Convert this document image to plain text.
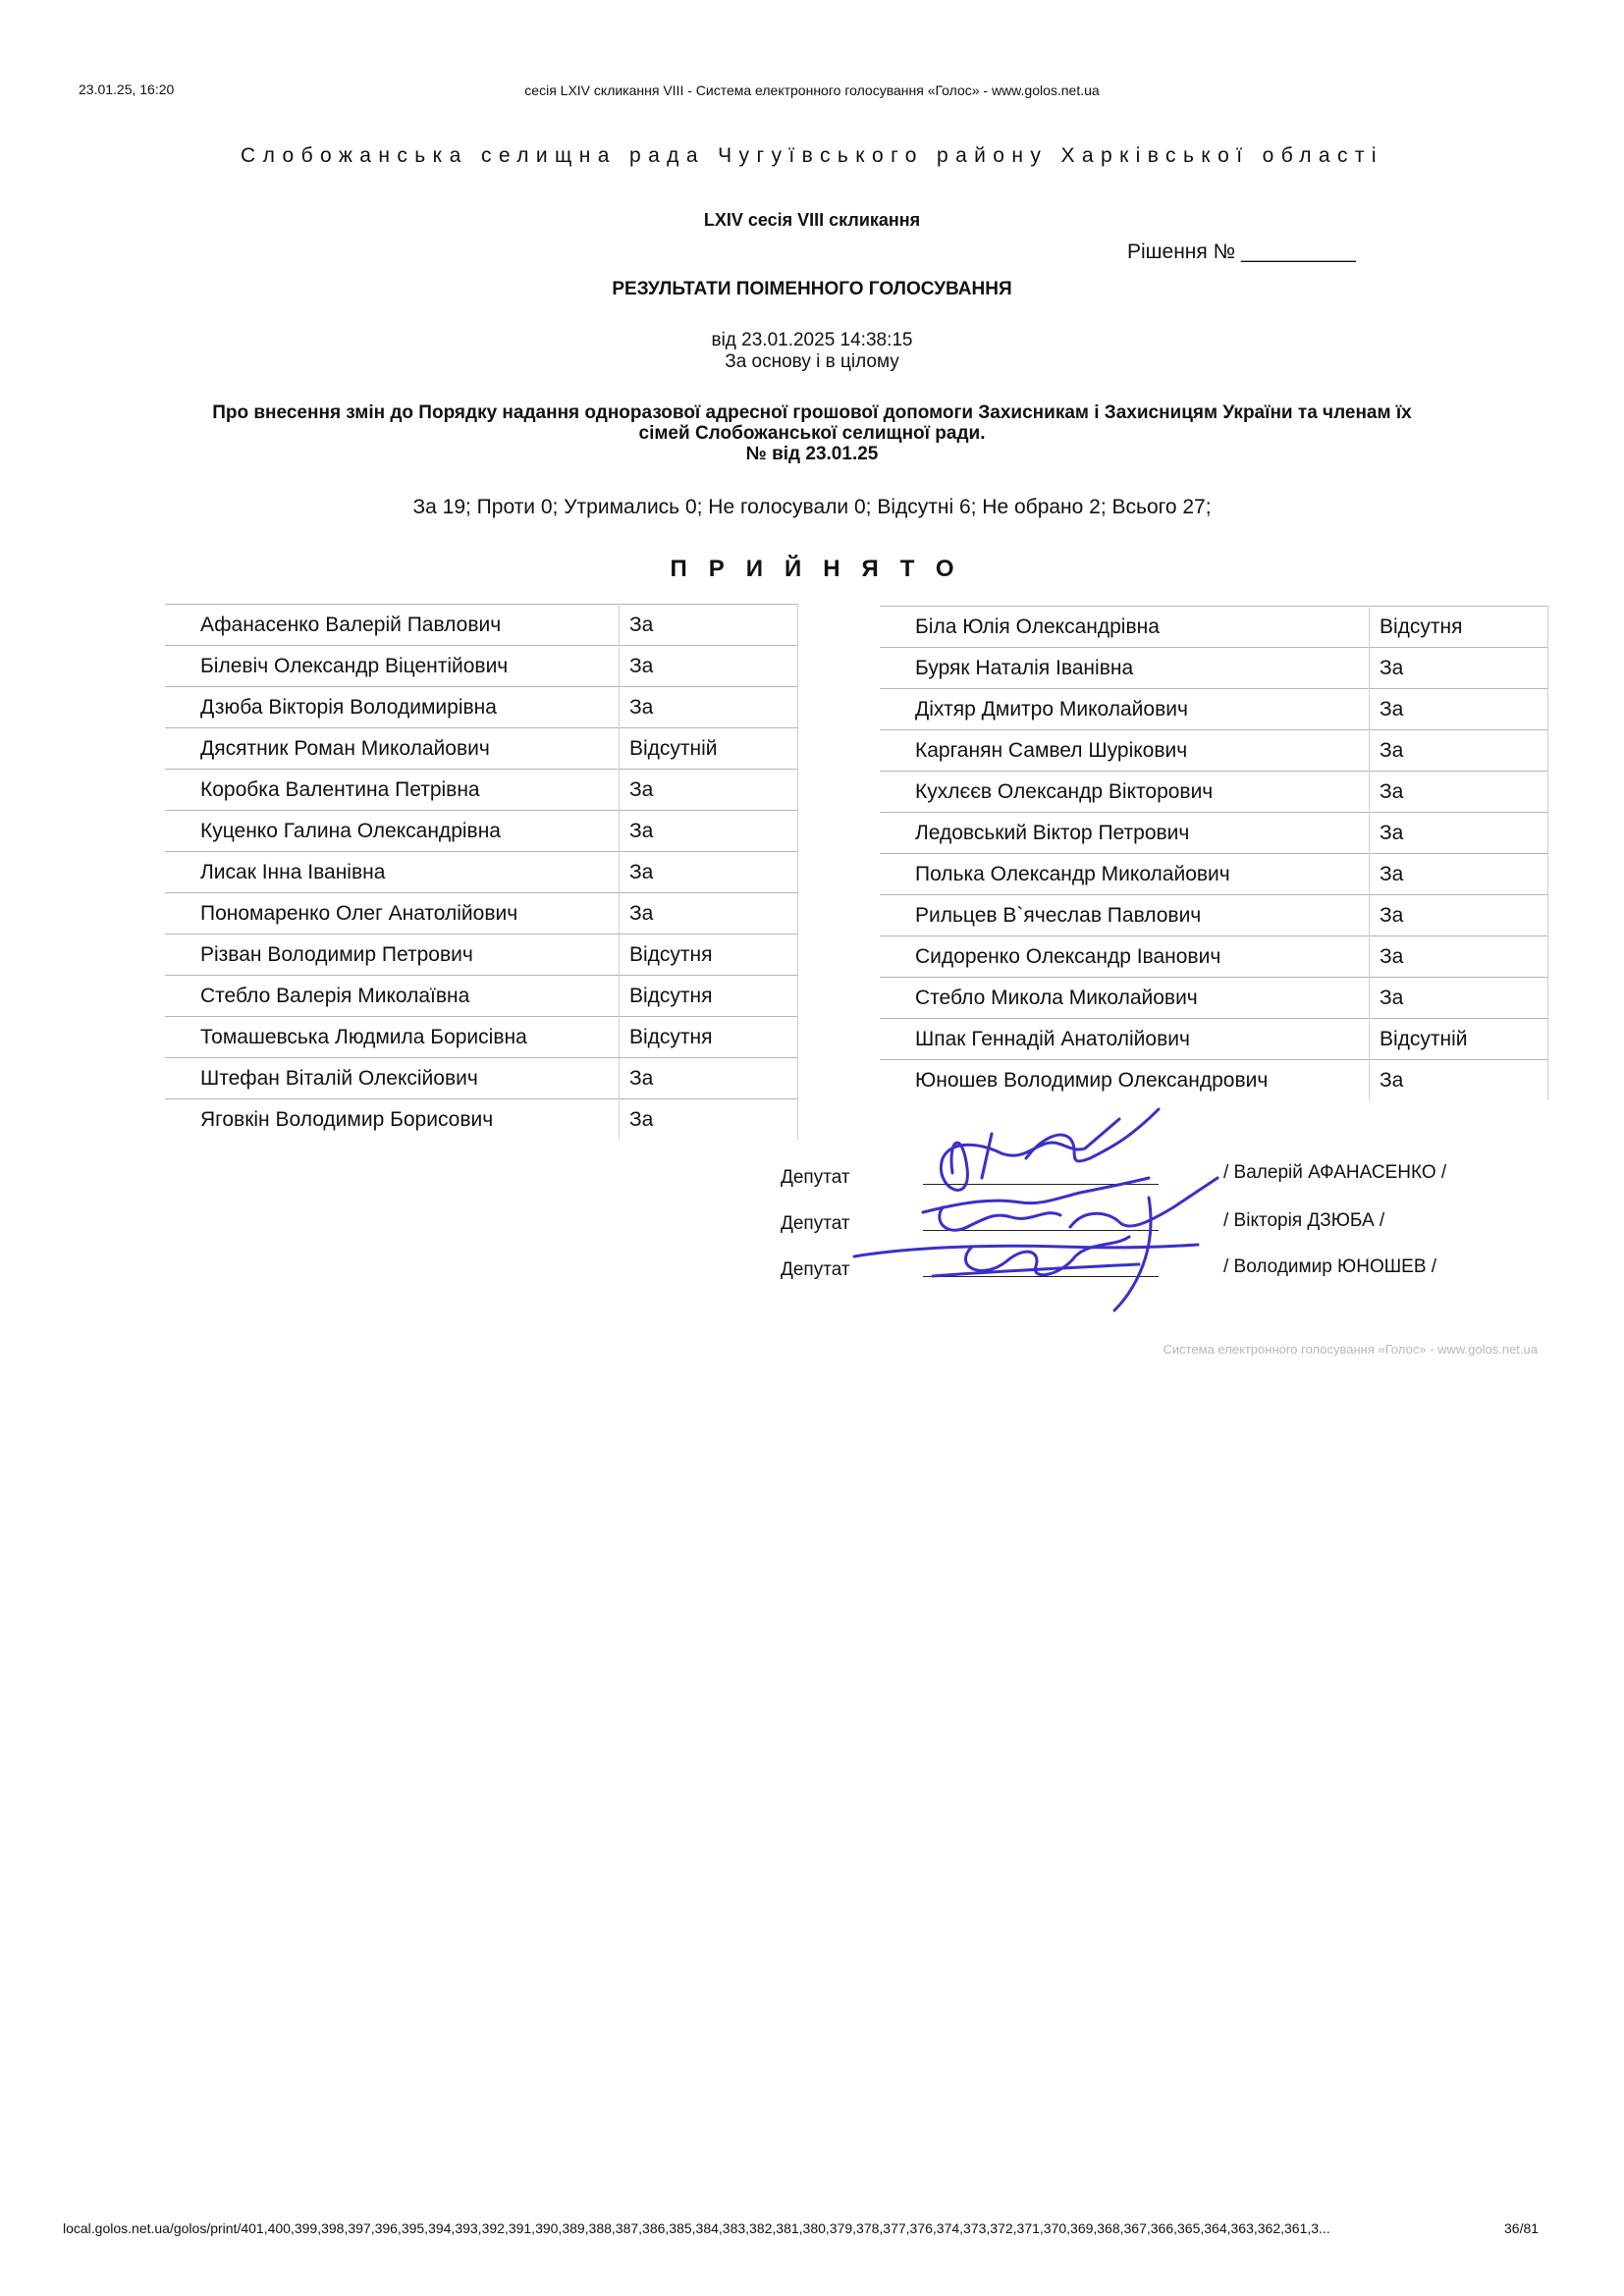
23.01.25, 16:20	сесія LXIV скликання VIII - Система електронного голосування «Голос» - www.golos.net.ua
Слобожанська селищна рада Чугуївського району Харківської області
LXIV сесія VIII скликання
Рішення № __________
РЕЗУЛЬТАТИ ПОІМЕННОГО ГОЛОСУВАННЯ
від 23.01.2025 14:38:15
За основу і в цілому
Про внесення змін до Порядку надання одноразової адресної грошової допомоги Захисникам і Захисницям України та членам їх
сімей Слобожанської селищної ради.
№ від 23.01.25
За 19; Проти 0; Утримались 0; Не голосували 0; Відсутні 6; Не обрано 2; Всього 27;
ПРИЙНЯТО
Афанасенко Валерій Павлович	За
Білевіч Олександр Віцентійович	За
Дзюба Вікторія Володимирівна	За
Дясятник Роман Миколайович	Відсутній
Коробка Валентина Петрівна	За
Куценко Галина Олександрівна	За
Лисак Інна Іванівна	За
Пономаренко Олег Анатолійович	За
Різван Володимир Петрович	Відсутня
Стебло Валерія Миколаївна	Відсутня
Томашевська Людмила Борисівна	Відсутня
Штефан Віталій Олексійович	За
Яговкін Володимир Борисович	За
Біла Юлія Олександрівна	Відсутня
Буряк Наталія Іванівна	За
Діхтяр Дмитро Миколайович	За
Карганян Самвел Шурікович	За
Кухлєєв Олександр Вікторович	За
Ледовський Віктор Петрович	За
Полька Олександр Миколайович	За
Рильцев В`ячеслав Павлович	За
Сидоренко Олександр Іванович	За
Стебло Микола Миколайович	За
Шпак Геннадій Анатолійович	Відсутній
Юношев Володимир Олександрович	За
Депутат
Депутат
Депутат
/ Валерій АФАНАСЕНКО /
/ Вікторія ДЗЮБА /
/ Володимир ЮНОШЕВ /
Система електронного голосування «Голос» - www.golos.net.ua
local.golos.net.ua/golos/print/401,400,399,398,397,396,395,394,393,392,391,390,389,388,387,386,385,384,383,382,381,380,379,378,377,376,374,373,372,371,370,369,368,367,366,365,364,363,362,361,3...	36/81
